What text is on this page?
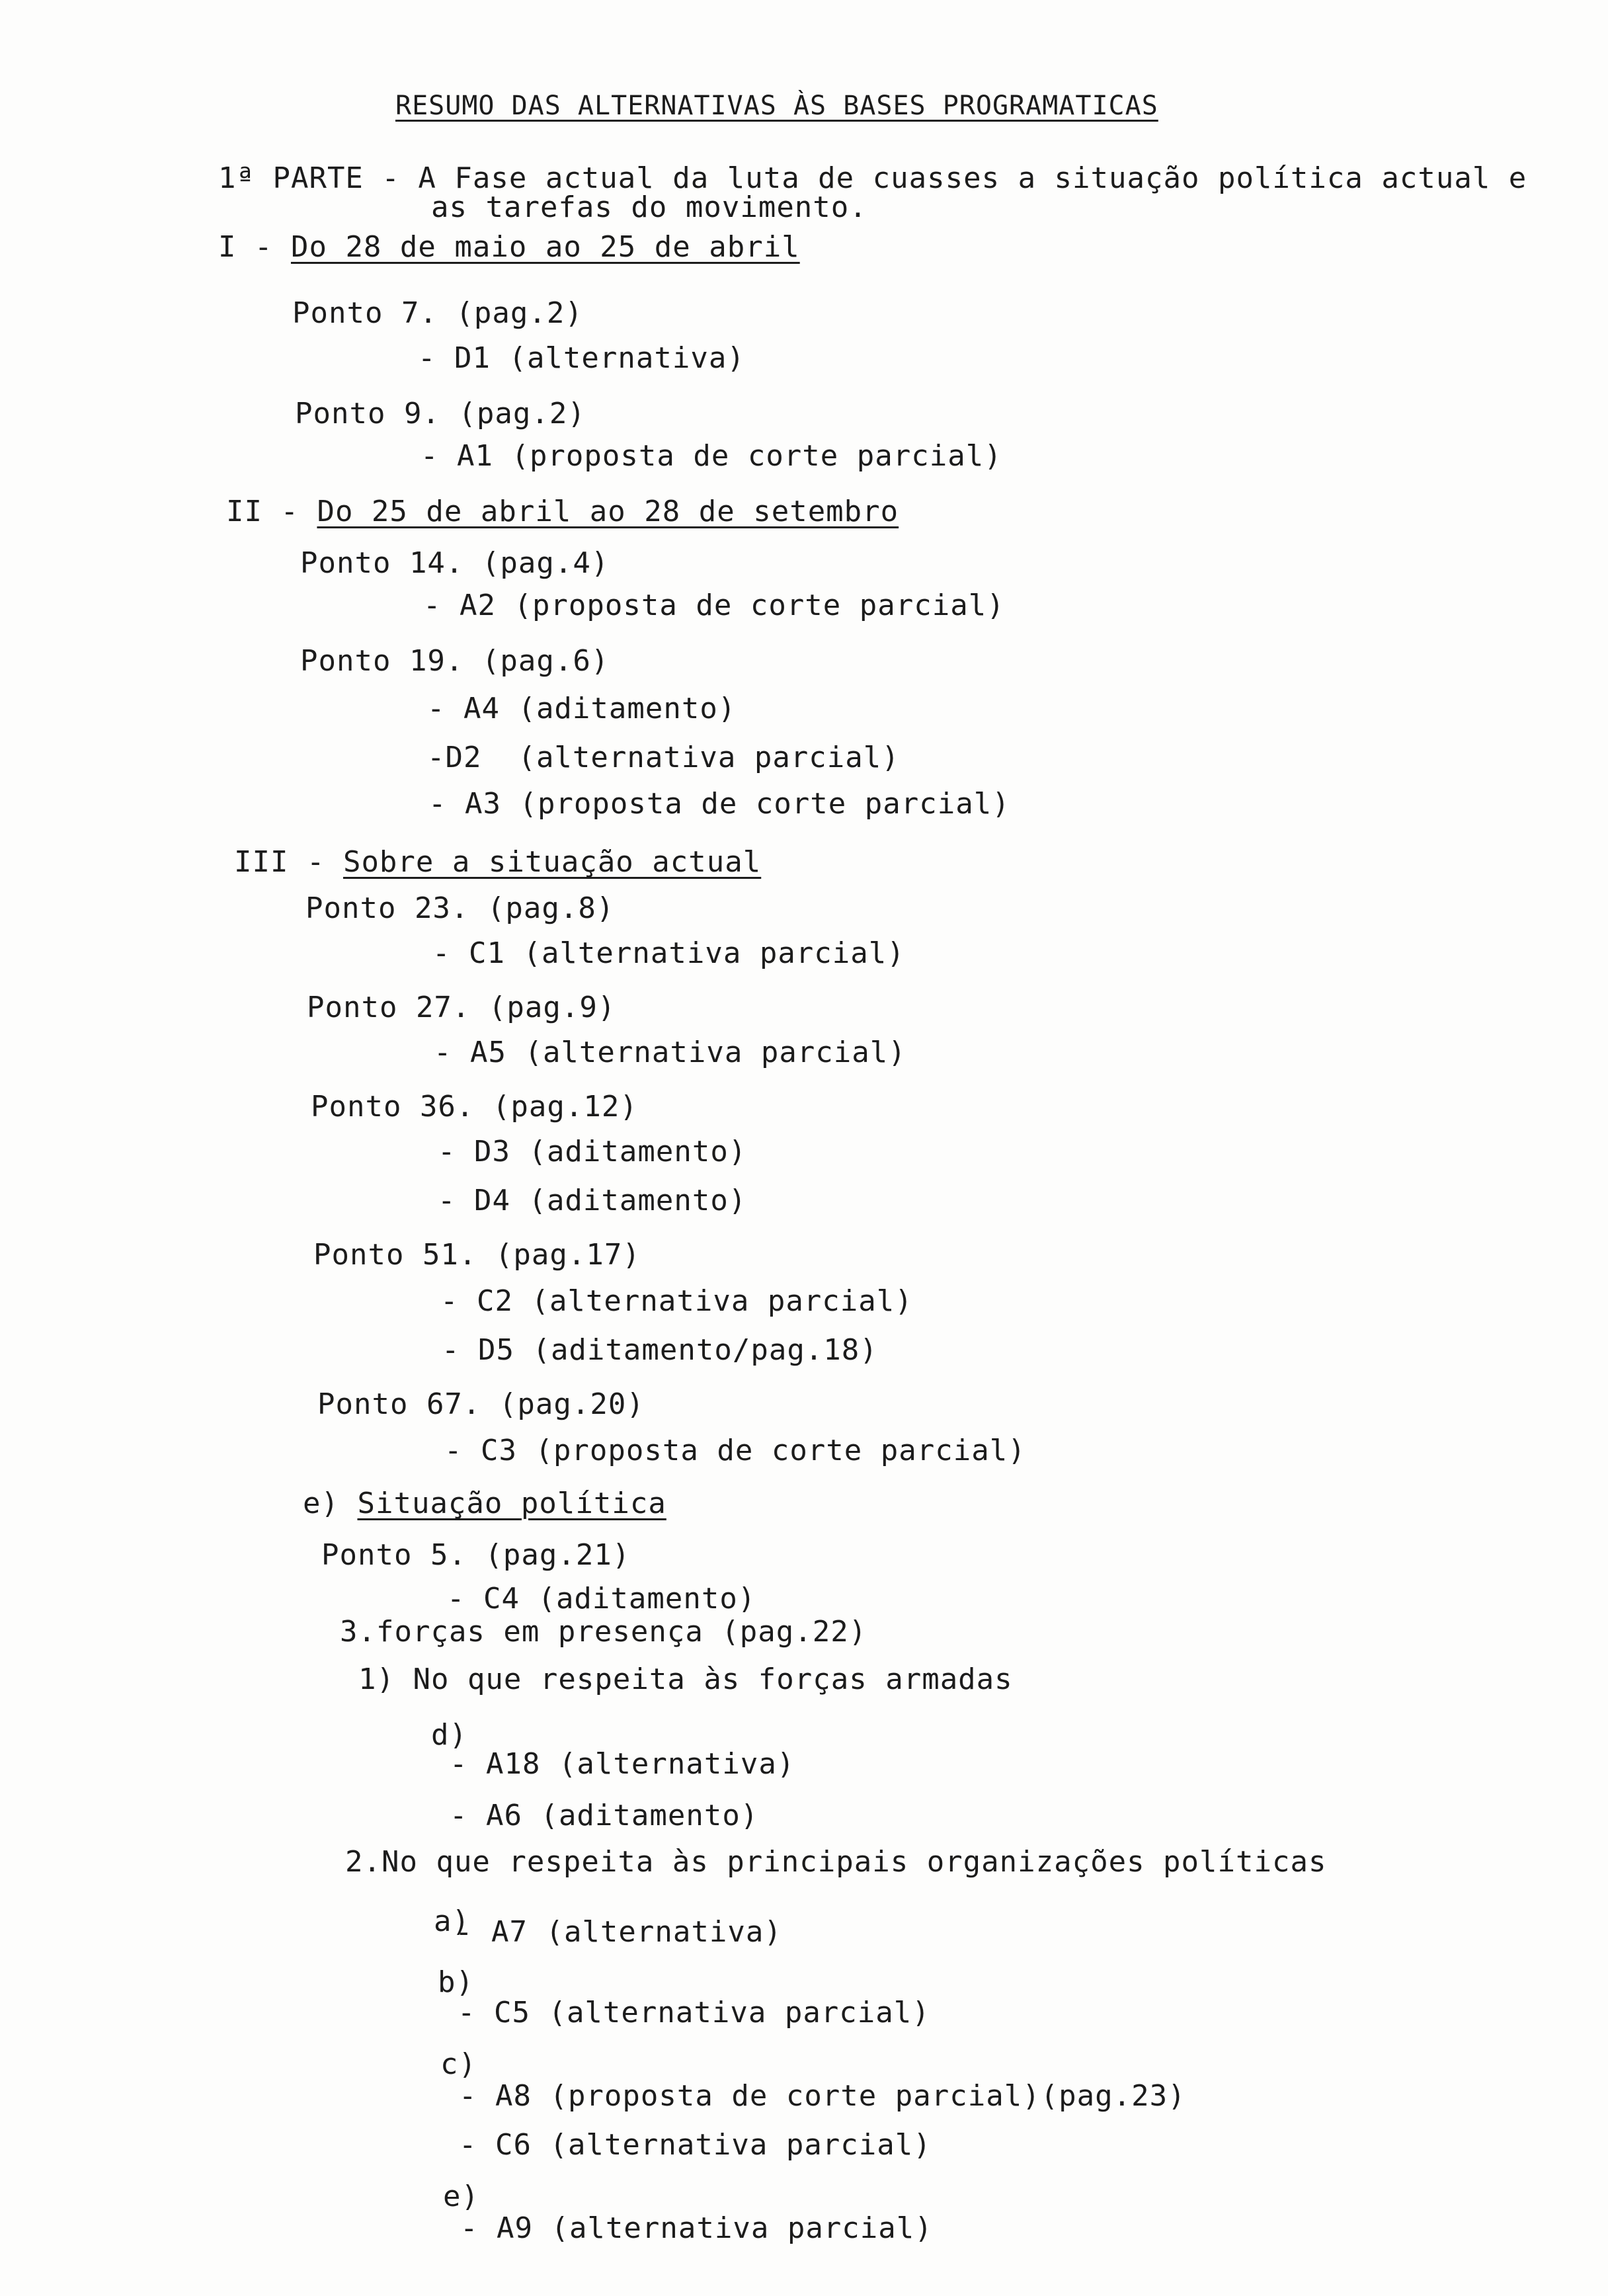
RESUMO DAS ALTERNATIVAS ÀS BASES PROGRAMATICAS
1ª PARTE - A Fase actual da luta de cuasses a situação política actual e
as tarefas do movimento.
I - Do 28 de maio ao 25 de abril
Ponto 7. (pag.2)
- D1 (alternativa)
Ponto 9. (pag.2)
- A1 (proposta de corte parcial)
II - Do 25 de abril ao 28 de setembro
Ponto 14. (pag.4)
- A2 (proposta de corte parcial)
Ponto 19. (pag.6)
- A4 (aditamento)
-D2  (alternativa parcial)
- A3 (proposta de corte parcial)
III - Sobre a situação actual
Ponto 23. (pag.8)
- C1 (alternativa parcial)
Ponto 27. (pag.9)
- A5 (alternativa parcial)
Ponto 36. (pag.12)
- D3 (aditamento)
- D4 (aditamento)
Ponto 51. (pag.17)
- C2 (alternativa parcial)
- D5 (aditamento/pag.18)
Ponto 67. (pag.20)
- C3 (proposta de corte parcial)
e) Situação política
Ponto 5. (pag.21)
- C4 (aditamento)
3.forças em presença (pag.22)
1) No que respeita às forças armadas
d)
- A18 (alternativa)
- A6 (aditamento)
2.No que respeita às principais organizações políticas
a)
- A7 (alternativa)
b)
- C5 (alternativa parcial)
c)
- A8 (proposta de corte parcial)(pag.23)
- C6 (alternativa parcial)
e)
- A9 (alternativa parcial)
